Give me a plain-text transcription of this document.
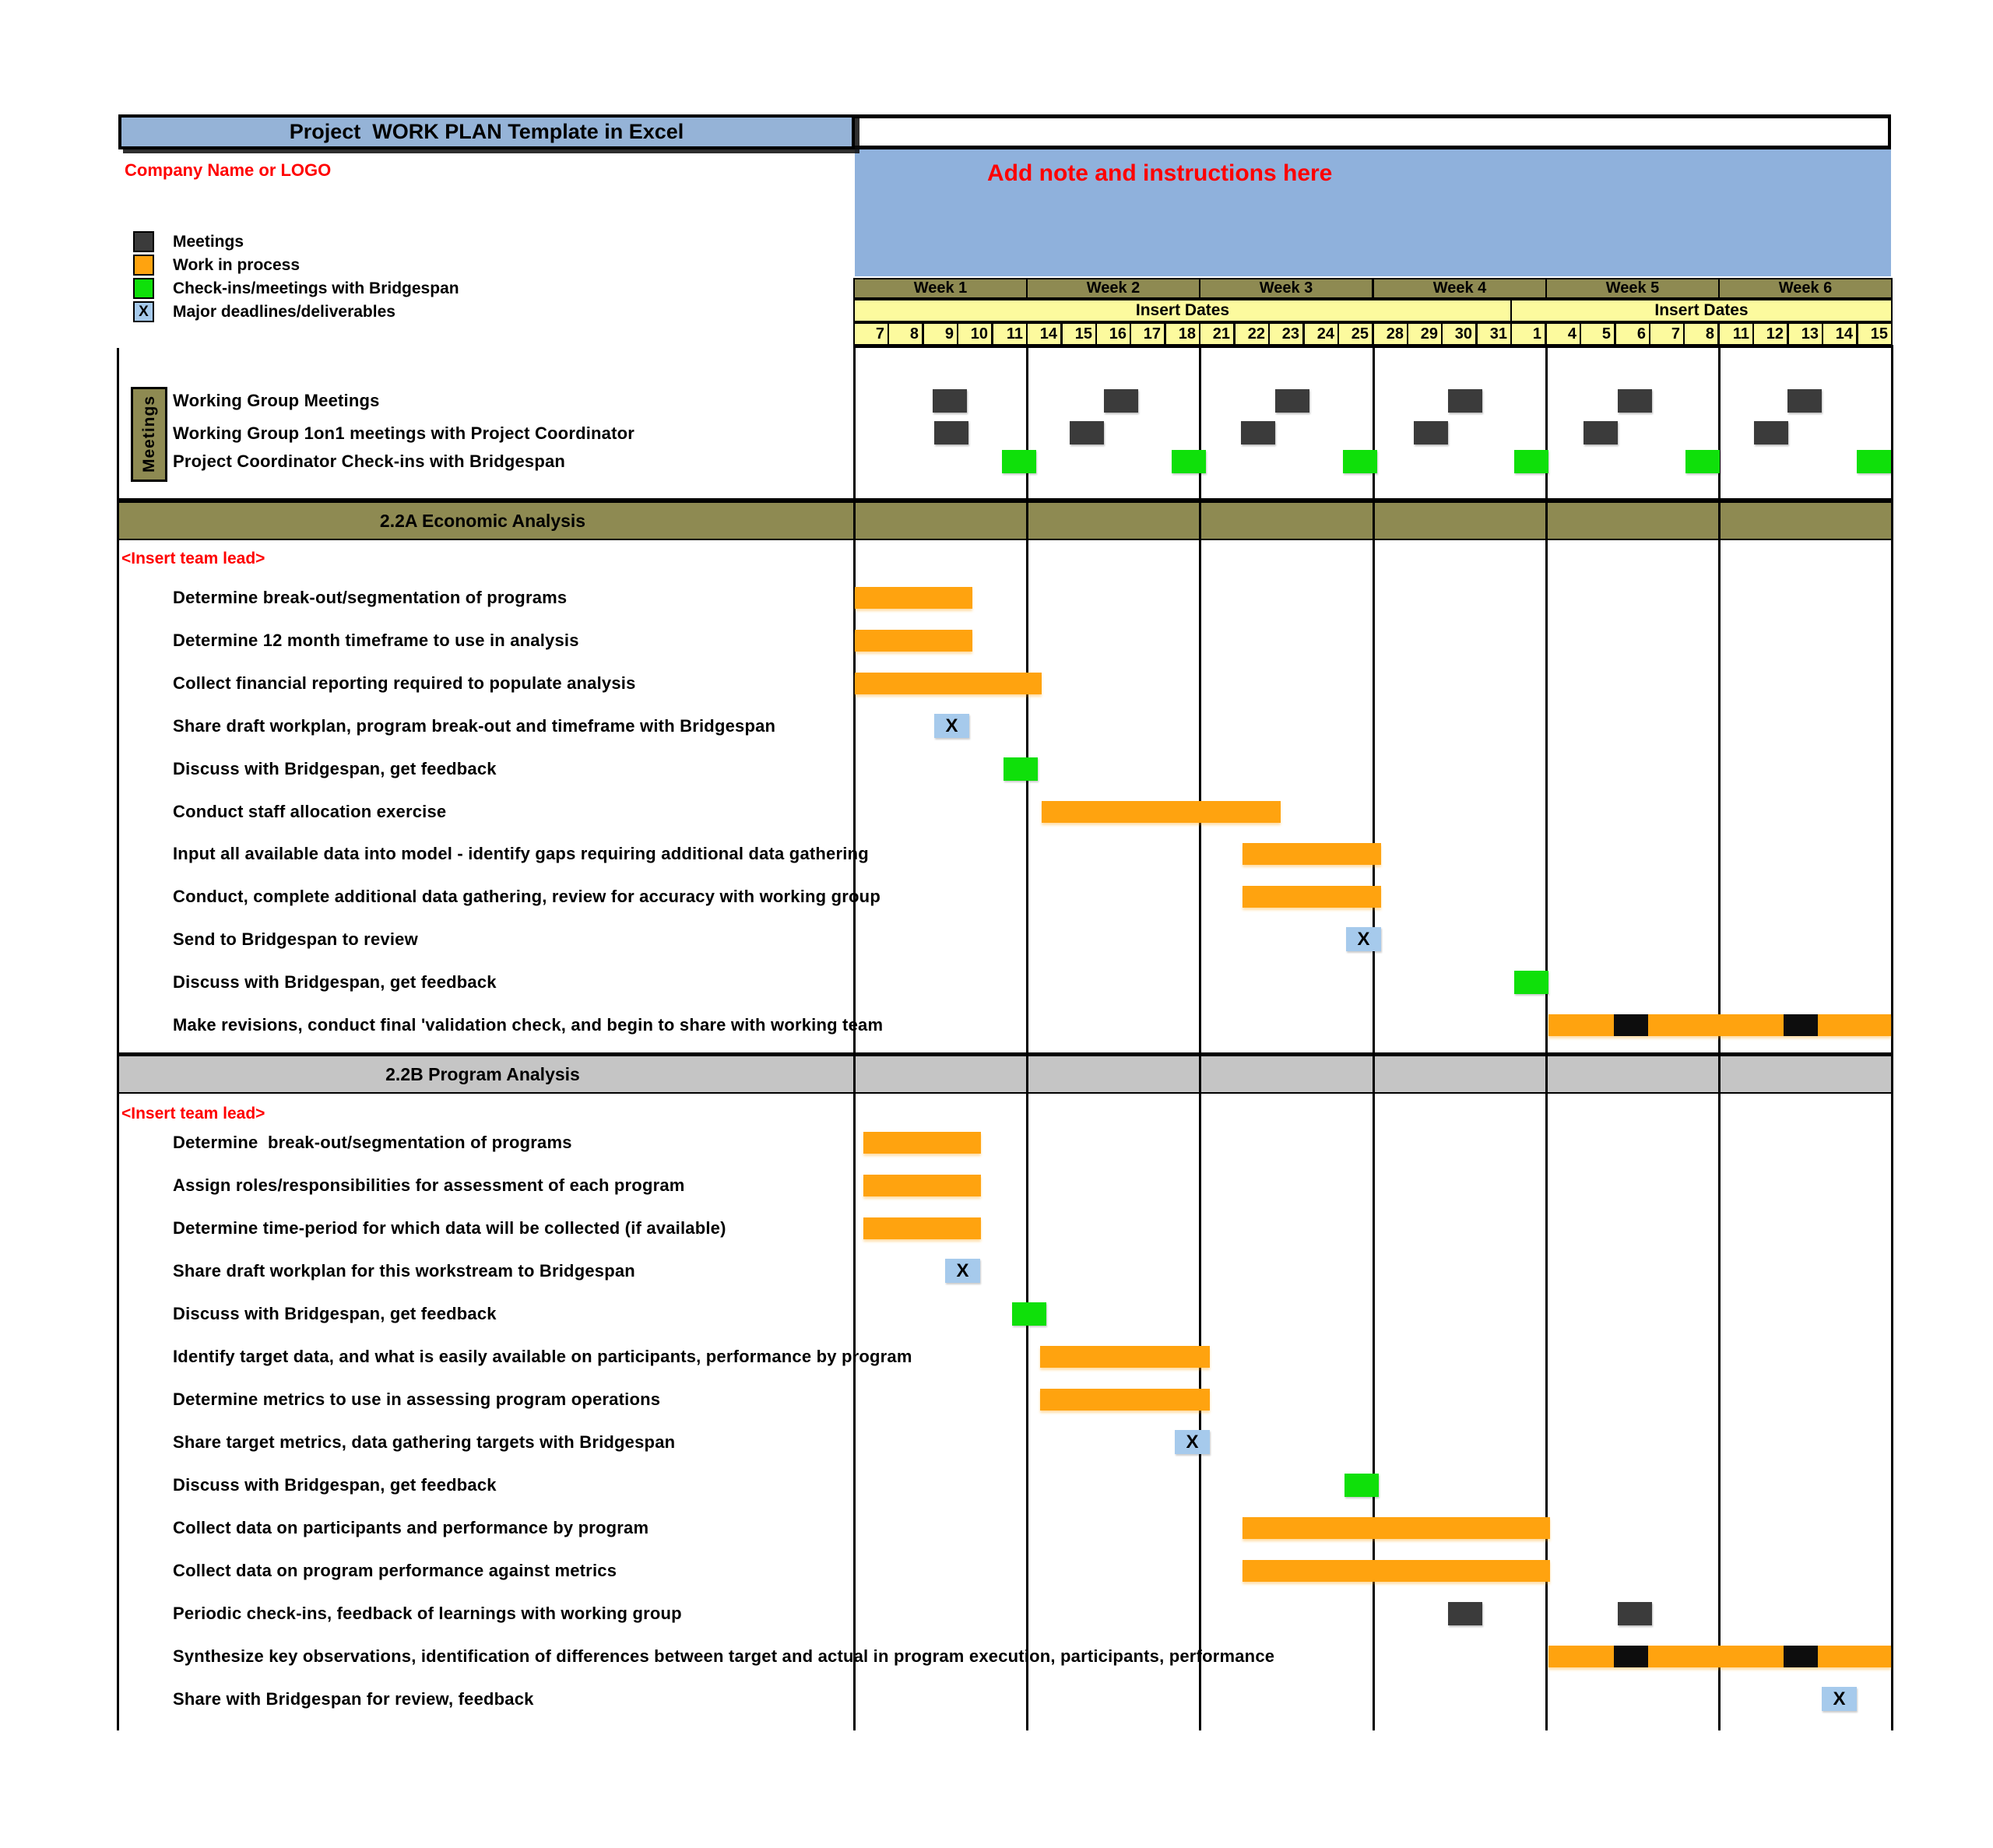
Project  WORK PLAN Template in Excel
Company Name or LOGO
Meetings
Work in process
Check-ins/meetings with Bridgespan
X	Major deadlines/deliverables
Add note and instructions here
Meetings
Week 1	Week 2	Week 3	Week 4	Week 5	Week 6
Insert Dates	Insert Dates
7	8	9	10	11	14	15	16	17	18	21	22	23	24	25	28	29	30	31	1	4	5	6	7	8	11	12	13	14	15
Working Group Meetings
Working Group 1on1 meetings with Project Coordinator
Project Coordinator Check-ins with Bridgespan
2.2A Economic Analysis
<Insert team lead>
Determine break-out/segmentation of programs
Determine 12 month timeframe to use in analysis
Collect financial reporting required to populate analysis
Share draft workplan, program break-out and timeframe with Bridgespan	X
Discuss with Bridgespan, get feedback
Conduct staff allocation exercise
Input all available data into model - identify gaps requiring additional data gathering
Conduct, complete additional data gathering, review for accuracy with working group
Send to Bridgespan to review	X
Discuss with Bridgespan, get feedback
Make revisions, conduct final 'validation check, and begin to share with working team
2.2B Program Analysis
<Insert team lead>
Determine  break-out/segmentation of programs
Assign roles/responsibilities for assessment of each program
Determine time-period for which data will be collected (if available)
Share draft workplan for this workstream to Bridgespan	X
Discuss with Bridgespan, get feedback
Identify target data, and what is easily available on participants, performance by program
Determine metrics to use in assessing program operations
Share target metrics, data gathering targets with Bridgespan	X
Discuss with Bridgespan, get feedback
Collect data on participants and performance by program
Collect data on program performance against metrics
Periodic check-ins, feedback of learnings with working group
Synthesize key observations, identification of differences between target and actual in program execution, participants, performance
Share with Bridgespan for review, feedback	X
